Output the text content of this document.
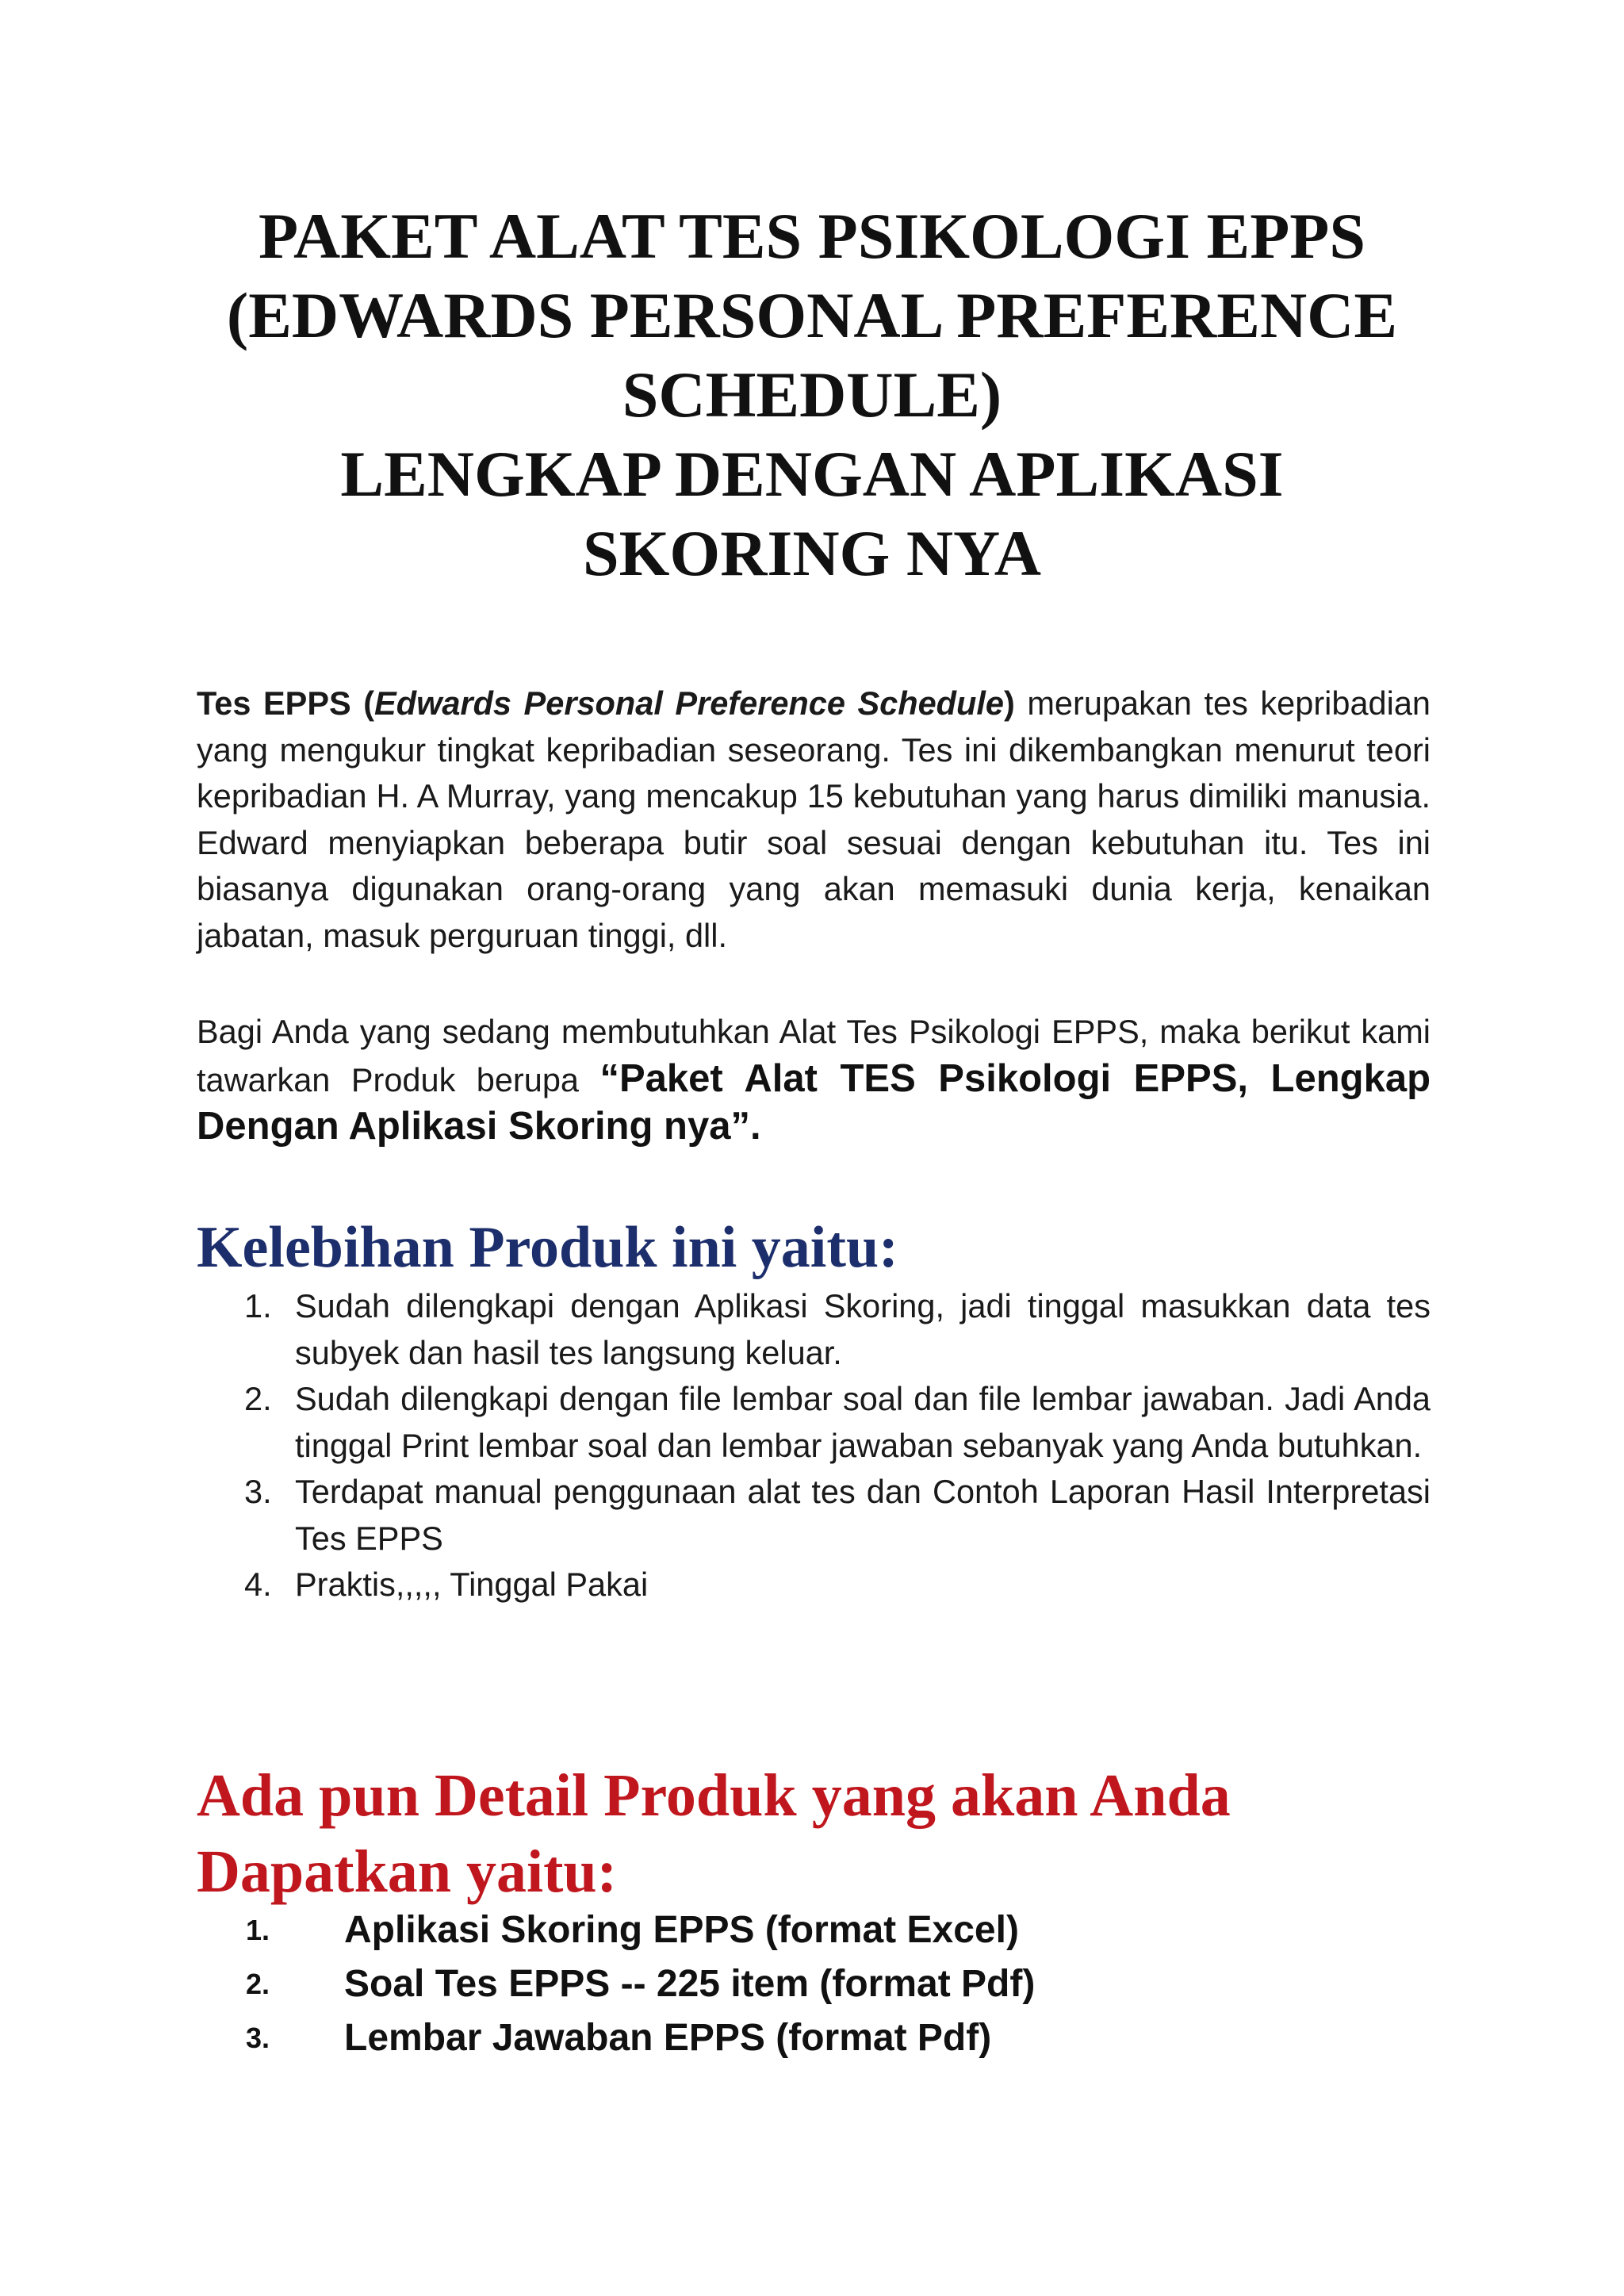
PAKET ALAT TES PSIKOLOGI EPPS
(EDWARDS PERSONAL PREFERENCE
SCHEDULE)
LENGKAP DENGAN APLIKASI
SKORING NYA

Tes EPPS (Edwards Personal Preference Schedule) merupakan tes kepribadian yang mengukur tingkat kepribadian seseorang. Tes ini dikembangkan menurut teori kepribadian H. A Murray, yang mencakup 15 kebutuhan yang harus dimiliki manusia. Edward menyiapkan beberapa butir soal sesuai dengan kebutuhan itu. Tes ini biasanya digunakan orang-orang yang akan memasuki dunia kerja, kenaikan jabatan, masuk perguruan tinggi, dll.

Bagi Anda yang sedang membutuhkan Alat Tes Psikologi EPPS, maka berikut kami tawarkan Produk berupa “Paket Alat TES Psikologi EPPS, Lengkap Dengan Aplikasi Skoring nya”.

Kelebihan Produk ini yaitu:
1. Sudah dilengkapi dengan Aplikasi Skoring, jadi tinggal masukkan data tes subyek dan hasil tes langsung keluar.
2. Sudah dilengkapi dengan file lembar soal dan file lembar jawaban. Jadi Anda tinggal Print lembar soal dan lembar jawaban sebanyak yang Anda butuhkan.
3. Terdapat manual penggunaan alat tes dan Contoh Laporan Hasil Interpretasi Tes EPPS
4. Praktis,,,,, Tinggal Pakai
Ada pun Detail Produk yang akan Anda
Dapatkan yaitu:
1. Aplikasi Skoring EPPS (format Excel)
2. Soal Tes EPPS -- 225 item (format Pdf)
3. Lembar Jawaban EPPS (format Pdf)
